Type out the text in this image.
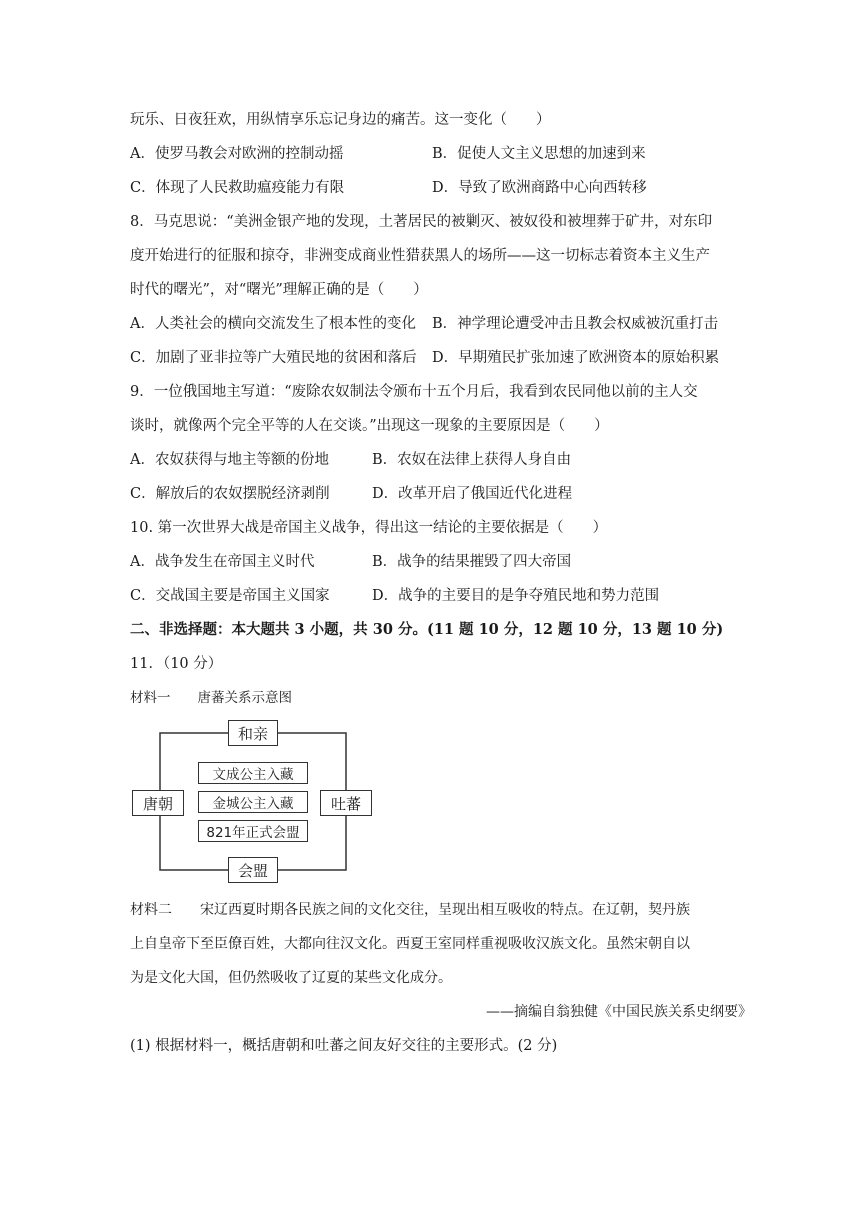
玩乐、日夜狂欢，用纵情享乐忘记身边的痛苦。这一变化（　　）
A．使罗马教会对欧洲的控制动摇	B．促使人文主义思想的加速到来
C．体现了人民救助瘟疫能力有限	D．导致了欧洲商路中心向西转移
8．马克思说：“美洲金银产地的发现，土著居民的被剿灭、被奴役和被埋葬于矿井，对东印
度开始进行的征服和掠夺，非洲变成商业性猎获黑人的场所——这一切标志着资本主义生产
时代的曙光”，对“曙光”理解正确的是（　　）
A．人类社会的横向交流发生了根本性的变化 B．神学理论遭受冲击且教会权威被沉重打击
C．加剧了亚非拉等广大殖民地的贫困和落后 D．早期殖民扩张加速了欧洲资本的原始积累
9．一位俄国地主写道：“废除农奴制法令颁布十五个月后，我看到农民同他以前的主人交
谈时，就像两个完全平等的人在交谈。”出现这一现象的主要原因是（　　）
A．农奴获得与地主等额的份地	B．农奴在法律上获得人身自由
C．解放后的农奴摆脱经济剥削	D．改革开启了俄国近代化进程
10. 第一次世界大战是帝国主义战争，得出这一结论的主要依据是（　　）
A．战争发生在帝国主义时代	B．战争的结果摧毁了四大帝国
C．交战国主要是帝国主义国家	D．战争的主要目的是争夺殖民地和势力范围
二、非选择题：本大题共 3 小题，共 30 分。(11 题 10 分，12 题 10 分，13 题 10 分)
11．（10 分）
材料一　　唐蕃关系示意图
和亲
会盟
唐朝	吐蕃
文成公主入藏
金城公主入藏
821年正式会盟
材料二　　宋辽西夏时期各民族之间的文化交往，呈现出相互吸收的特点。在辽朝，契丹族
上自皇帝下至臣僚百姓，大都向往汉文化。西夏王室同样重视吸收汉族文化。虽然宋朝自以
为是文化大国，但仍然吸收了辽夏的某些文化成分。
——摘编自翁独健《中国民族关系史纲要》
(1) 根据材料一，概括唐朝和吐蕃之间友好交往的主要形式。(2 分)
